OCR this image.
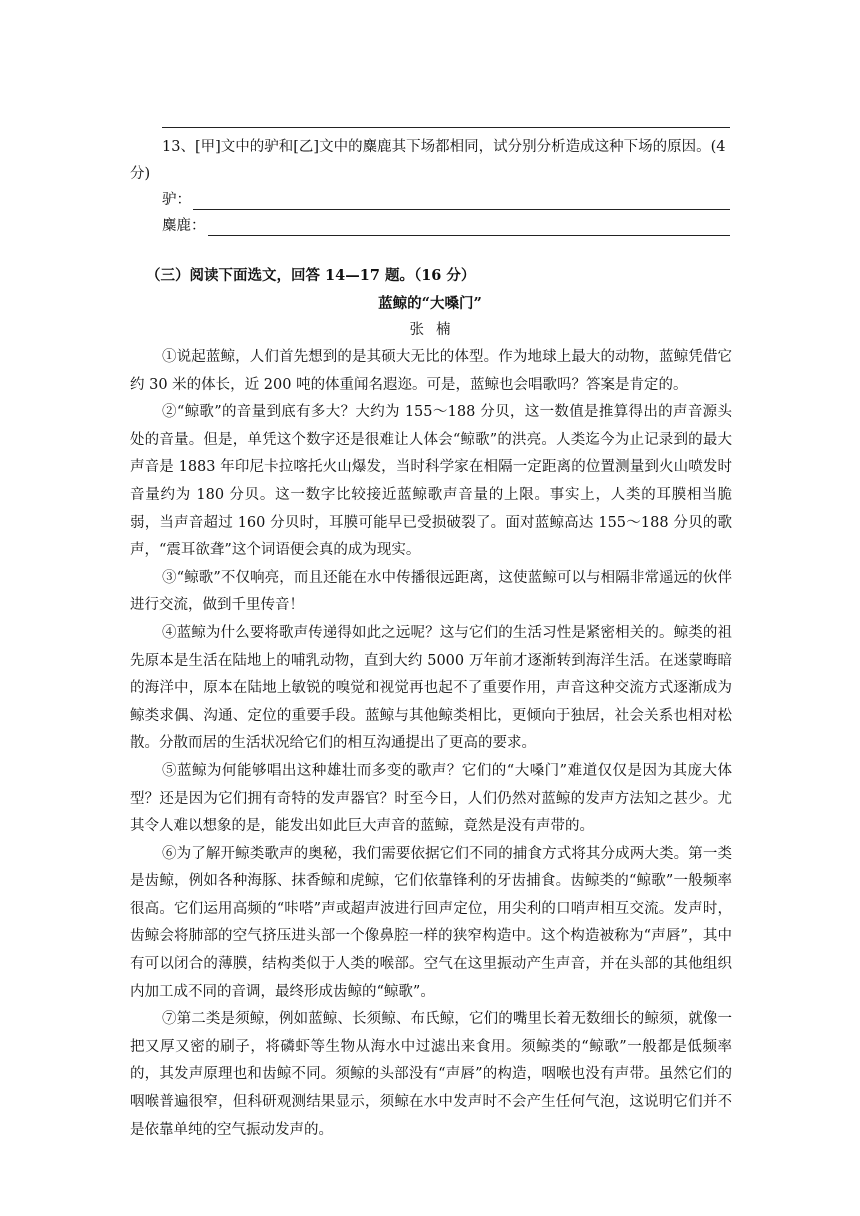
13、[甲]文中的驴和[乙]文中的麋鹿其下场都相同，试分别分析造成这种下场的原因。(4 分)
驴：
麋鹿：
（三）阅读下面选文，回答 14—17 题。（16 分）
蓝鲸的“大嗓门”
张楠

①说起蓝鲸，人们首先想到的是其硕大无比的体型。作为地球上最大的动物，蓝鲸凭借它约 30 米的体长，近 200 吨的体重闻名遐迩。可是，蓝鲸也会唱歌吗？答案是肯定的。

②“鲸歌”的音量到底有多大？大约为 155～188 分贝，这一数值是推算得出的声音源头处的音量。但是，单凭这个数字还是很难让人体会“鲸歌”的洪亮。人类迄今为止记录到的最大声音是 1883 年印尼卡拉喀托火山爆发，当时科学家在相隔一定距离的位置测量到火山喷发时音量约为 180 分贝。这一数字比较接近蓝鲸歌声音量的上限。事实上，人类的耳膜相当脆弱，当声音超过 160 分贝时，耳膜可能早已受损破裂了。面对蓝鲸高达 155～188 分贝的歌声，“震耳欲聋”这个词语便会真的成为现实。

③“鲸歌”不仅响亮，而且还能在水中传播很远距离，这使蓝鲸可以与相隔非常遥远的伙伴进行交流，做到千里传音！

④蓝鲸为什么要将歌声传递得如此之远呢？这与它们的生活习性是紧密相关的。鲸类的祖先原本是生活在陆地上的哺乳动物，直到大约 5000 万年前才逐渐转到海洋生活。在迷蒙晦暗的海洋中，原本在陆地上敏锐的嗅觉和视觉再也起不了重要作用，声音这种交流方式逐渐成为鲸类求偶、沟通、定位的重要手段。蓝鲸与其他鲸类相比，更倾向于独居，社会关系也相对松散。分散而居的生活状况给它们的相互沟通提出了更高的要求。

⑤蓝鲸为何能够唱出这种雄壮而多变的歌声？它们的“大嗓门”难道仅仅是因为其庞大体型？还是因为它们拥有奇特的发声器官？时至今日，人们仍然对蓝鲸的发声方法知之甚少。尤其令人难以想象的是，能发出如此巨大声音的蓝鲸，竟然是没有声带的。

⑥为了解开鲸类歌声的奥秘，我们需要依据它们不同的捕食方式将其分成两大类。第一类是齿鲸，例如各种海豚、抹香鲸和虎鲸，它们依靠锋利的牙齿捕食。齿鲸类的“鲸歌”一般频率很高。它们运用高频的“咔嗒”声或超声波进行回声定位，用尖利的口哨声相互交流。发声时，齿鲸会将肺部的空气挤压进头部一个像鼻腔一样的狭窄构造中。这个构造被称为“声唇”，其中有可以闭合的薄膜，结构类似于人类的喉部。空气在这里振动产生声音，并在头部的其他组织内加工成不同的音调，最终形成齿鲸的“鲸歌”。

⑦第二类是须鲸，例如蓝鲸、长须鲸、布氏鲸，它们的嘴里长着无数细长的鲸须，就像一把又厚又密的刷子，将磷虾等生物从海水中过滤出来食用。须鲸类的“鲸歌”一般都是低频率的，其发声原理也和齿鲸不同。须鲸的头部没有“声唇”的构造，咽喉也没有声带。虽然它们的咽喉普遍很窄，但科研观测结果显示，须鲸在水中发声时不会产生任何气泡，这说明它们并不是依靠单纯的空气振动发声的。
